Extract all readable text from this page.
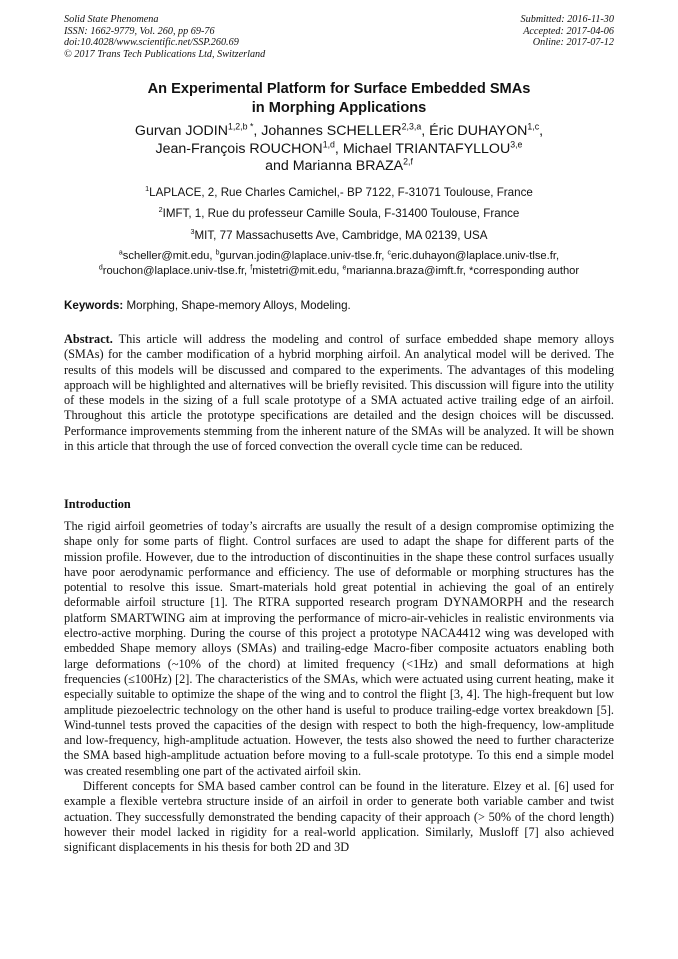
Solid State Phenomena
ISSN: 1662-9779, Vol. 260, pp 69-76
doi:10.4028/www.scientific.net/SSP.260.69
© 2017 Trans Tech Publications Ltd, Switzerland
Submitted: 2016-11-30
Accepted: 2017-04-06
Online: 2017-07-12
An Experimental Platform for Surface Embedded SMAs
in Morphing Applications
Gurvan $JODIN^{1,2,b *}$, Johannes SCHELLER$^{2,3,a}$, Éric DUHAYON$^{1,c}$,
Jean-François ROUCHON$^{1,d}$, Michael TRIANTAFYLLOU$^{3,e}$
and Marianna BRAZA$^{2,f}$
$^1$LAPLACE, 2, Rue Charles Camichel,- BP 7122, F-31071 Toulouse, France
$^2$IMFT, 1, Rue du professeur Camille Soula, F-31400 Toulouse, France
$^3$MIT, 77 Massachusetts Ave, Cambridge, MA 02139, USA
$^a$scheller@mit.edu, $^b$gurvan.jodin@laplace.univ-tlse.fr, $^c$eric.duhayon@laplace.univ-tlse.fr,
$^d$rouchon@laplace.univ-tlse.fr, $^f$mistetri@mit.edu, $^e$marianna.braza@imft.fr, *corresponding author
Keywords: Morphing, Shape-memory Alloys, Modeling.

Abstract. This article will address the modeling and control of surface embedded shape memory alloys (SMAs) for the camber modification of a hybrid morphing airfoil. An analytical model will be derived. The results of this models will be discussed and compared to the experiments. The advantages of this modeling approach will be highlighted and alternatives will be briefly revisited. This discussion will figure into the utility of these models in the sizing of a full scale prototype of a SMA actuated active trailing edge of an airfoil. Throughout this article the prototype specifications are detailed and the design choices will be discussed. Performance improvements stemming from the inherent nature of the SMAs will be analyzed. It will be shown in this article that through the use of forced convection the overall cycle time can be reduced.

Introduction

The rigid airfoil geometries of today’s aircrafts are usually the result of a design compromise optimizing the shape only for some parts of flight. Control surfaces are used to adapt the shape for different parts of the mission profile. However, due to the introduction of discontinuities in the shape these control surfaces usually have poor aerodynamic performance and efficiency. The use of deformable or morphing structures has the potential to resolve this issue. Smart-materials hold great potential in achieving the goal of an entirely deformable airfoil structure [1]. The RTRA supported research program DYNAMORPH and the research platform SMARTWING aim at improving the performance of micro-air-vehicles in realistic environments via electro-active morphing. During the course of this project a prototype NACA4412 wing was developed with embedded Shape memory alloys (SMAs) and trailing-edge Macro-fiber composite actuators enabling both large deformations (~10% of the chord) at limited frequency (<1Hz) and small deformations at high frequencies (≤100Hz) [2]. The characteristics of the SMAs, which were actuated using current heating, make it especially suitable to optimize the shape of the wing and to control the flight [3, 4]. The high-frequent but low amplitude piezoelectric technology on the other hand is useful to produce trailing-edge vortex breakdown [5]. Wind-tunnel tests proved the capacities of the design with respect to both the high-frequency, low-amplitude and low-frequency, high-amplitude actuation. However, the tests also showed the need to further characterize the SMA based high-amplitude actuation before moving to a full-scale prototype. To this end a simple model was created resembling one part of the activated airfoil skin.

Different concepts for SMA based camber control can be found in the literature. Elzey et al. [6] used for example a flexible vertebra structure inside of an airfoil in order to generate both variable camber and twist actuation. They successfully demonstrated the bending capacity of their approach (> 50% of the chord length) however their model lacked in rigidity for a real-world application. Similarly, Musloff [7] also achieved significant displacements in his thesis for both 2D and 3D
